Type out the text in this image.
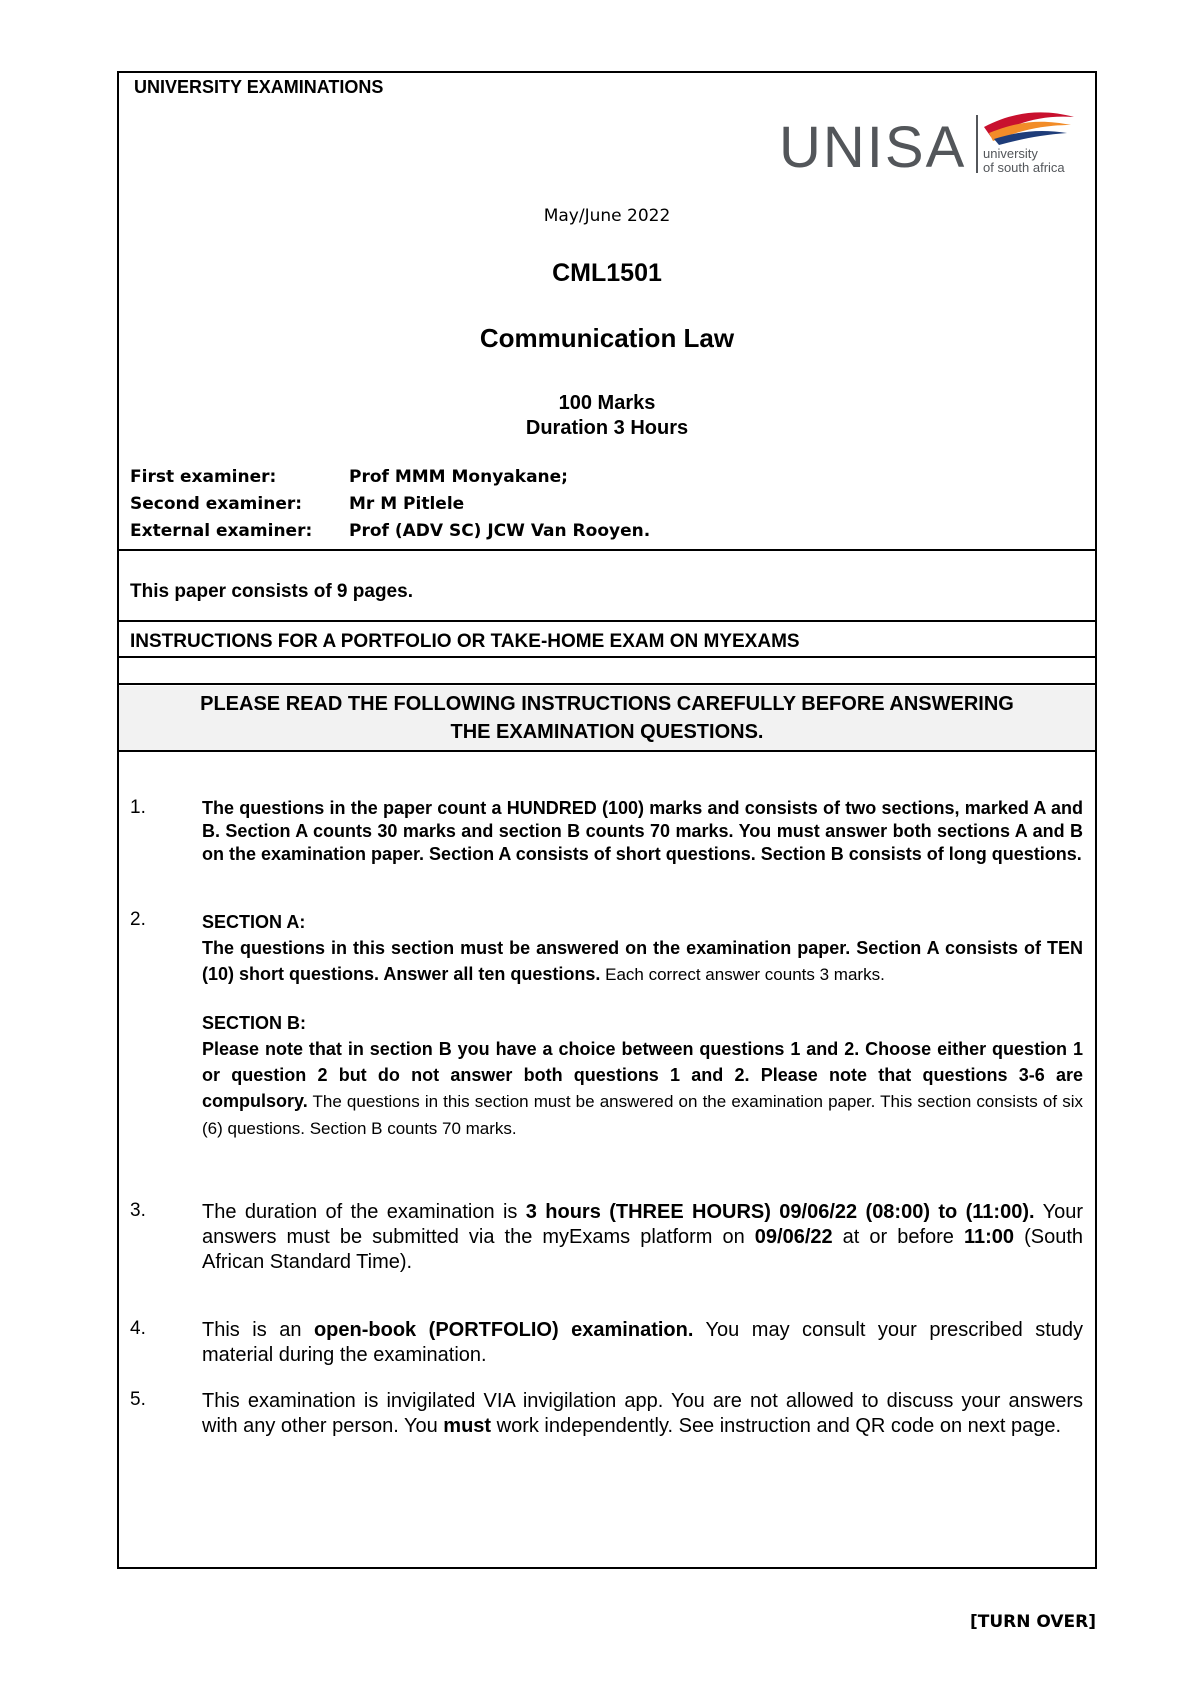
UNIVERSITY EXAMINATIONS
UNISA university
of south africa
May/June 2022
CML1501
Communication Law
100 Marks
Duration 3 Hours
First examiner:	Prof MMM Monyakane;
Second examiner:	Mr M Pitlele
External examiner: Prof (ADV SC) JCW Van Rooyen.
This paper consists of 9 pages.
INSTRUCTIONS FOR A PORTFOLIO OR TAKE-HOME EXAM ON MYEXAMS
PLEASE READ THE FOLLOWING INSTRUCTIONS CAREFULLY BEFORE ANSWERING
THE EXAMINATION QUESTIONS.
1.	The questions in the paper count a HUNDRED (100) marks and consists of two sections, marked A and B. Section A counts 30 marks and section B counts 70 marks. You must answer both sections A and B on the examination paper. Section A consists of short questions. Section B consists of long questions.
2.	SECTION A:
The questions in this section must be answered on the examination paper. Section A consists of TEN (10) short questions. Answer all ten questions. Each correct answer counts 3 marks.
SECTION B:
Please note that in section B you have a choice between questions 1 and 2. Choose either question 1 or question 2 but do not answer both questions 1 and 2. Please note that questions 3-6 are compulsory. The questions in this section must be answered on the examination paper. This section consists of six (6) questions. Section B counts 70 marks.
3.	The duration of the examination is 3 hours (THREE HOURS) 09/06/22 (08:00) to (11:00). Your answers must be submitted via the myExams platform on 09/06/22 at or before 11:00 (South African Standard Time).
4.	This is an open-book (PORTFOLIO) examination. You may consult your prescribed study material during the examination.
5.	This examination is invigilated VIA invigilation app. You are not allowed to discuss your answers with any other person. You must work independently. See instruction and QR code on next page.
[TURN OVER]
